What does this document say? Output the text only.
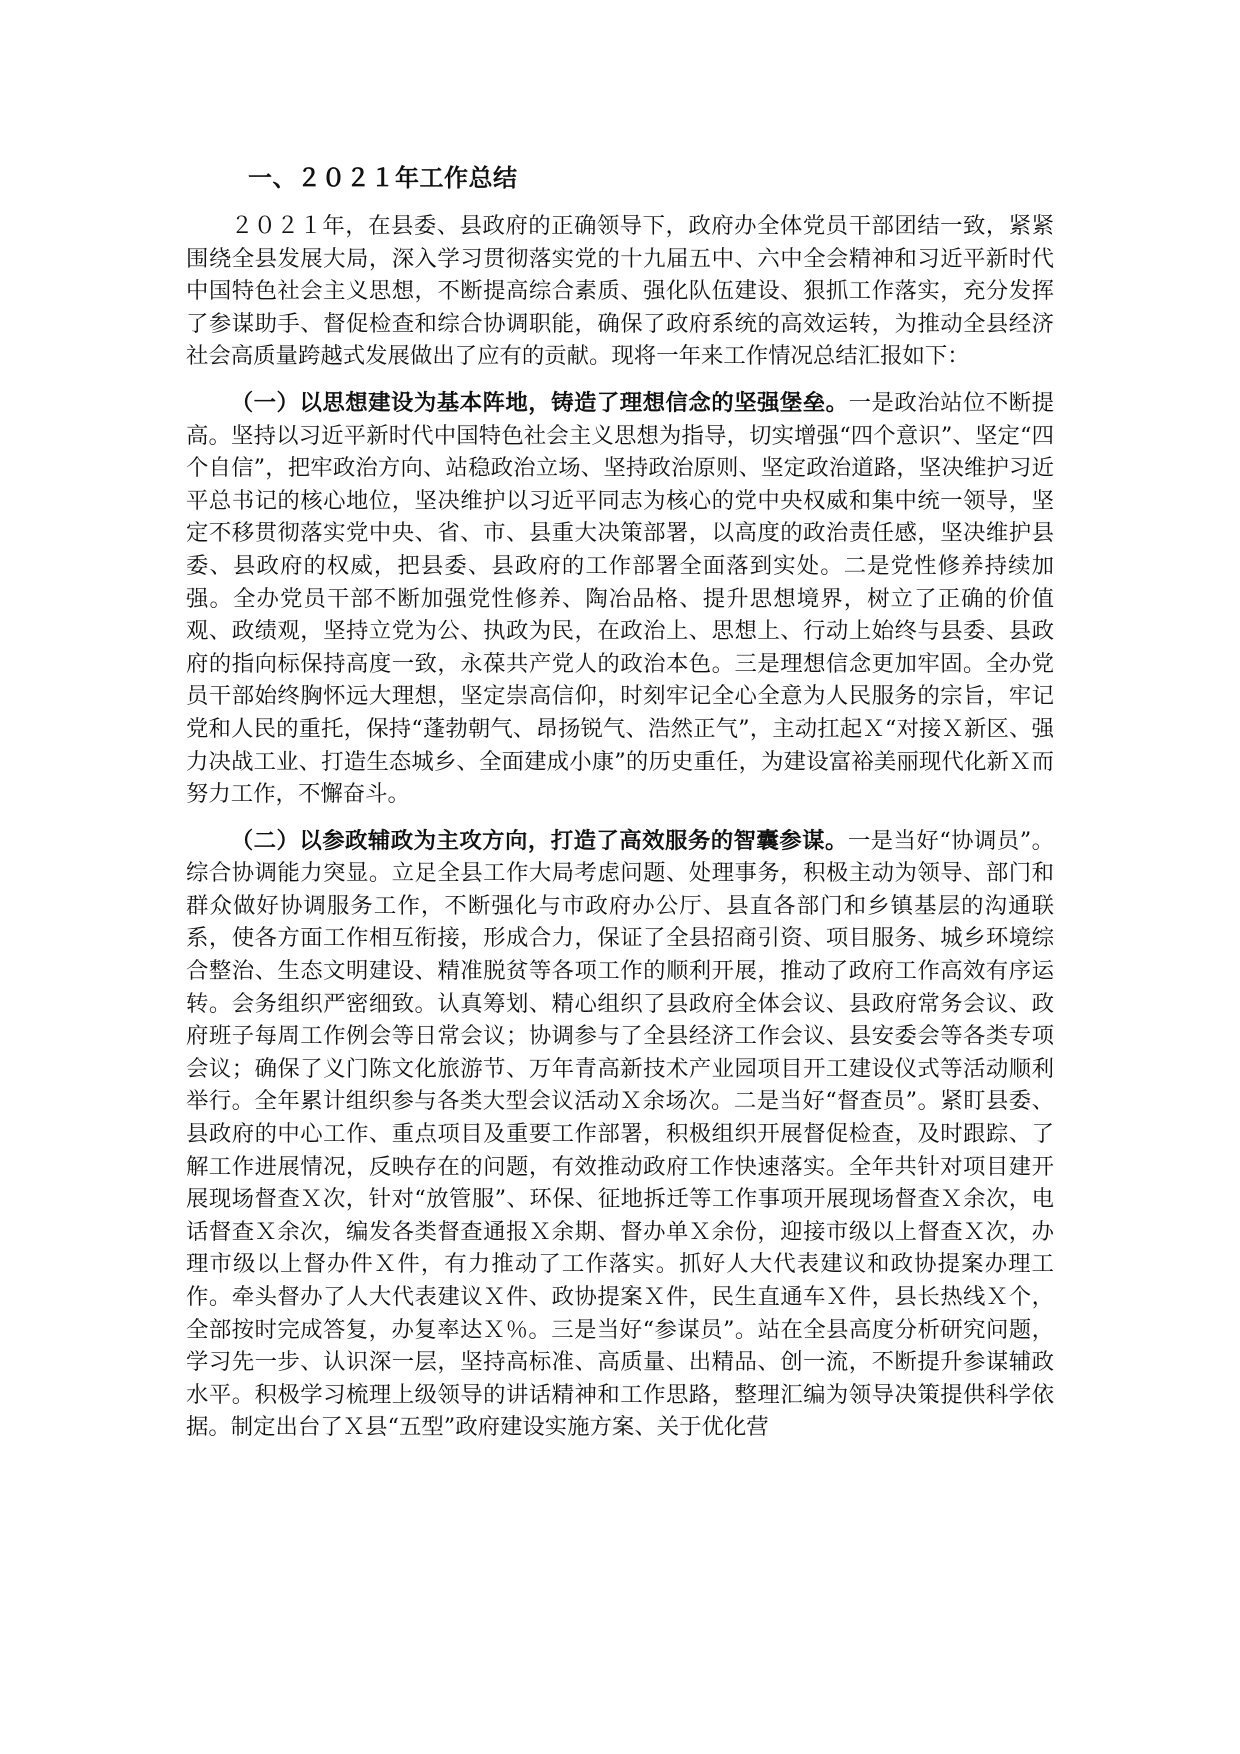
一、２０２１年工作总结

２０２１年，在县委、县政府的正确领导下，政府办全体党员干部团结一致，紧紧围绕全县发展大局，深入学习贯彻落实党的十九届五中、六中全会精神和习近平新时代中国特色社会主义思想，不断提高综合素质、强化队伍建设、狠抓工作落实，充分发挥了参谋助手、督促检查和综合协调职能，确保了政府系统的高效运转，为推动全县经济社会高质量跨越式发展做出了应有的贡献。现将一年来工作情况总结汇报如下：

（一）以思想建设为基本阵地，铸造了理想信念的坚强堡垒。一是政治站位不断提高。坚持以习近平新时代中国特色社会主义思想为指导，切实增强“四个意识”、坚定“四个自信”，把牢政治方向、站稳政治立场、坚持政治原则、坚定政治道路，坚决维护习近平总书记的核心地位，坚决维护以习近平同志为核心的党中央权威和集中统一领导，坚定不移贯彻落实党中央、省、市、县重大决策部署，以高度的政治责任感，坚决维护县委、县政府的权威，把县委、县政府的工作部署全面落到实处。二是党性修养持续加强。全办党员干部不断加强党性修养、陶冶品格、提升思想境界，树立了正确的价值观、政绩观，坚持立党为公、执政为民，在政治上、思想上、行动上始终与县委、县政府的指向标保持高度一致，永葆共产党人的政治本色。三是理想信念更加牢固。全办党员干部始终胸怀远大理想，坚定崇高信仰，时刻牢记全心全意为人民服务的宗旨，牢记党和人民的重托，保持“蓬勃朝气、昂扬锐气、浩然正气”，主动扛起Ｘ“对接Ｘ新区、强力决战工业、打造生态城乡、全面建成小康”的历史重任，为建设富裕美丽现代化新Ｘ而努力工作，不懈奋斗。

（二）以参政辅政为主攻方向，打造了高效服务的智囊参谋。一是当好“协调员”。综合协调能力突显。立足全县工作大局考虑问题、处理事务，积极主动为领导、部门和群众做好协调服务工作，不断强化与市政府办公厅、县直各部门和乡镇基层的沟通联系，使各方面工作相互衔接，形成合力，保证了全县招商引资、项目服务、城乡环境综合整治、生态文明建设、精准脱贫等各项工作的顺利开展，推动了政府工作高效有序运转。会务组织严密细致。认真筹划、精心组织了县政府全体会议、县政府常务会议、政府班子每周工作例会等日常会议；协调参与了全县经济工作会议、县安委会等各类专项会议；确保了义门陈文化旅游节、万年青高新技术产业园项目开工建设仪式等活动顺利举行。全年累计组织参与各类大型会议活动Ｘ余场次。二是当好“督查员”。紧盯县委、县政府的中心工作、重点项目及重要工作部署，积极组织开展督促检查，及时跟踪、了解工作进展情况，反映存在的问题，有效推动政府工作快速落实。全年共针对项目建开展现场督查Ｘ次，针对“放管服”、环保、征地拆迁等工作事项开展现场督查Ｘ余次，电话督查Ｘ余次，编发各类督查通报Ｘ余期、督办单Ｘ余份，迎接市级以上督查Ｘ次，办理市级以上督办件Ｘ件，有力推动了工作落实。抓好人大代表建议和政协提案办理工作。牵头督办了人大代表建议Ｘ件、政协提案Ｘ件，民生直通车Ｘ件，县长热线Ｘ个，全部按时完成答复，办复率达Ｘ％。三是当好“参谋员”。站在全县高度分析研究问题，学习先一步、认识深一层，坚持高标准、高质量、出精品、创一流，不断提升参谋辅政水平。积极学习梳理上级领导的讲话精神和工作思路，整理汇编为领导决策提供科学依据。制定出台了Ｘ县“五型”政府建设实施方案、关于优化营
